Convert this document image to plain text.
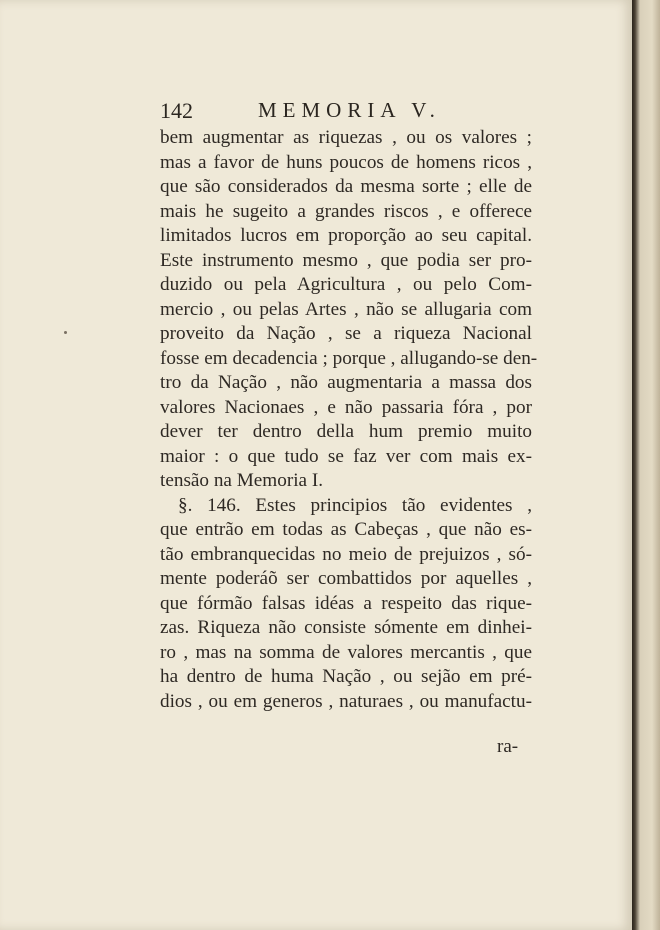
142	MEMORIA V.
bem augmentar as riquezas , ou os valores ;
mas a favor de huns poucos de homens ricos ,
que são considerados da mesma sorte ; elle de
mais he sugeito a grandes riscos , e offerece
limitados lucros em proporção ao seu capital.
Este instrumento mesmo , que podia ser pro-
duzido ou pela Agricultura , ou pelo Com-
mercio , ou pelas Artes , não se allugaria com
proveito da Nação , se a riqueza Nacional
fosse em decadencia ; porque , allugando-se den-
tro da Nação , não augmentaria a massa dos
valores Nacionaes , e não passaria fóra , por
dever ter dentro della hum premio muito
maior : o que tudo se faz ver com mais ex-
tensão na Memoria I.
§. 146. Estes principios tão evidentes ,
que entrão em todas as Cabeças , que não es-
tão embranquecidas no meio de prejuizos , só-
mente poderáõ ser combattidos por aquelles ,
que fórmão falsas idéas a respeito das rique-
zas. Riqueza não consiste sómente em dinhei-
ro , mas na somma de valores mercantis , que
ha dentro de huma Nação , ou sejão em pré-
dios , ou em generos , naturaes , ou manufactu-
ra-
